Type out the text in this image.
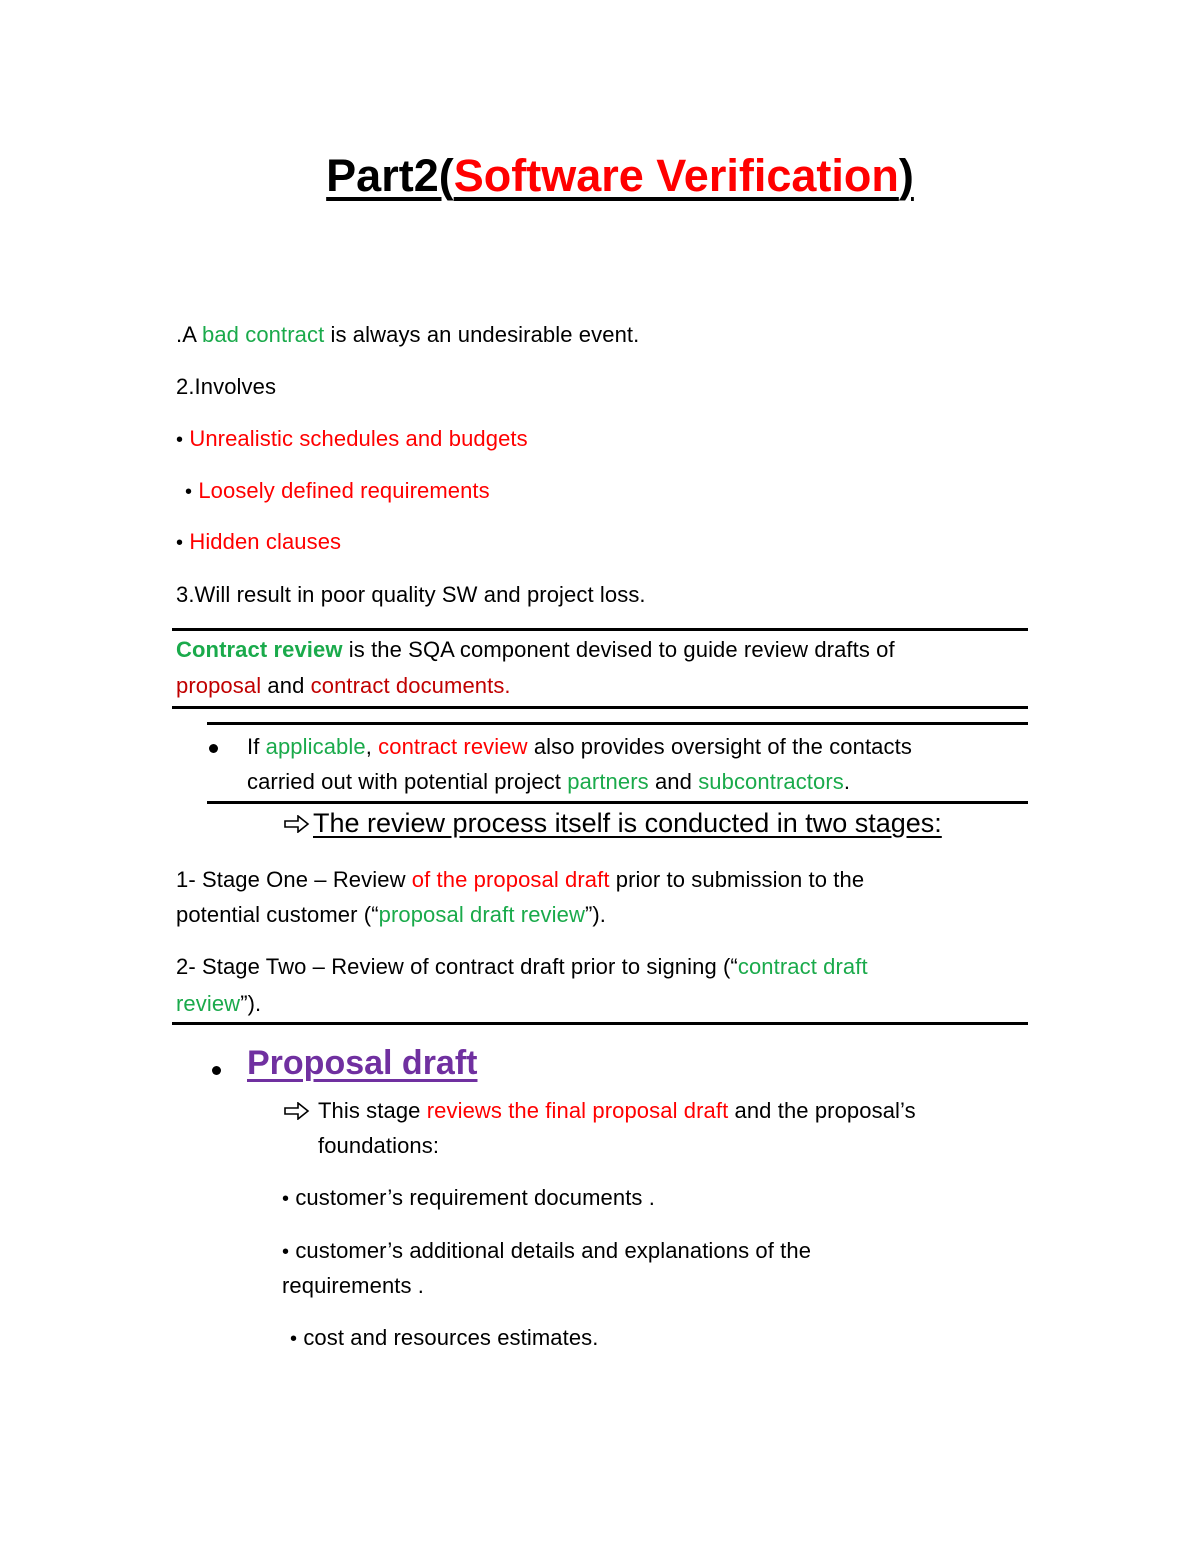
Part2(Software Verification)
.A bad contract is always an undesirable event.
2.Involves
• Unrealistic schedules and budgets
• Loosely defined requirements
• Hidden clauses
3.Will result in poor quality SW and project loss.
Contract review is the SQA component devised to guide review drafts of
proposal and contract documents.
If applicable, contract review also provides oversight of the contacts
carried out with potential project partners and subcontractors.
The review process itself is conducted in two stages:
1- Stage One – Review of the proposal draft prior to submission to the
potential customer (“proposal draft review”).
2- Stage Two – Review of contract draft prior to signing (“contract draft
review”).
Proposal draft
This stage reviews the final proposal draft and the proposal’s
foundations:
• customer’s requirement documents .
• customer’s additional details and explanations of the
requirements .
• cost and resources estimates.
